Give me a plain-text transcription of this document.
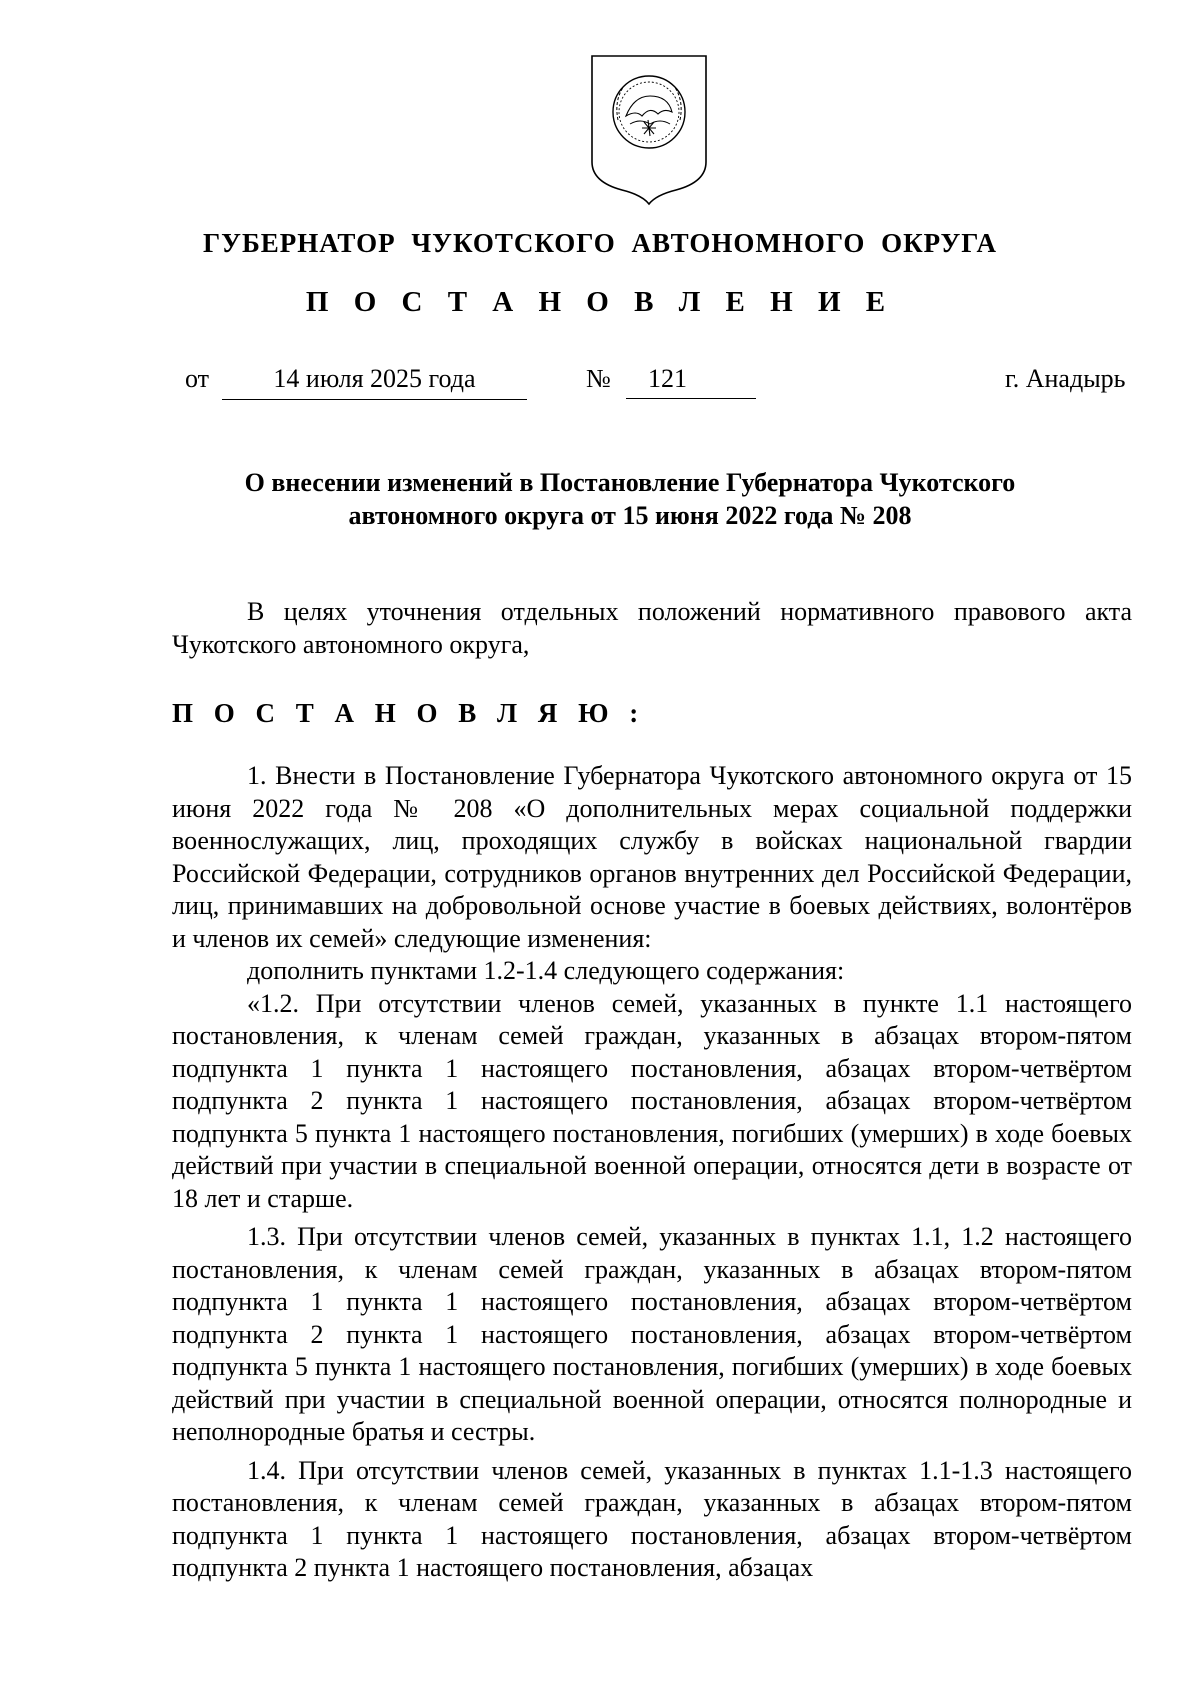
ГУБЕРНАТОР ЧУКОТСКОГО АВТОНОМНОГО ОКРУГА
П О С Т А Н О В Л Е Н И Е
от	14 июля 2025 года	№	121	г. Анадырь
О внесении изменений в Постановление Губернатора Чукотского
автономного округа от 15 июня 2022 года № 208

В целях уточнения отдельных положений нормативного правового акта Чукотского автономного округа,

П О С Т А Н О В Л Я Ю :

1. Внести в Постановление Губернатора Чукотского автономного округа от 15 июня 2022 года № 208 «О дополнительных мерах социальной поддержки военнослужащих, лиц, проходящих службу в войсках национальной гвардии Российской Федерации, сотрудников органов внутренних дел Российской Федерации, лиц, принимавших на добровольной основе участие в боевых действиях, волонтёров и членов их семей» следующие изменения:

дополнить пунктами 1.2-1.4 следующего содержания:

«1.2. При отсутствии членов семей, указанных в пункте 1.1 настоящего постановления, к членам семей граждан, указанных в абзацах втором-пятом подпункта 1 пункта 1 настоящего постановления, абзацах втором-четвёртом подпункта 2 пункта 1 настоящего постановления, абзацах втором-четвёртом подпункта 5 пункта 1 настоящего постановления, погибших (умерших) в ходе боевых действий при участии в специальной военной операции, относятся дети в возрасте от 18 лет и старше.

1.3. При отсутствии членов семей, указанных в пунктах 1.1, 1.2 настоящего постановления, к членам семей граждан, указанных в абзацах втором-пятом подпункта 1 пункта 1 настоящего постановления, абзацах втором-четвёртом подпункта 2 пункта 1 настоящего постановления, абзацах втором-четвёртом подпункта 5 пункта 1 настоящего постановления, погибших (умерших) в ходе боевых действий при участии в специальной военной операции, относятся полнородные и неполнородные братья и сестры.

1.4. При отсутствии членов семей, указанных в пунктах 1.1-1.3 настоящего постановления, к членам семей граждан, указанных в абзацах втором-пятом подпункта 1 пункта 1 настоящего постановления, абзацах втором-четвёртом подпункта 2 пункта 1 настоящего постановления, абзацах
